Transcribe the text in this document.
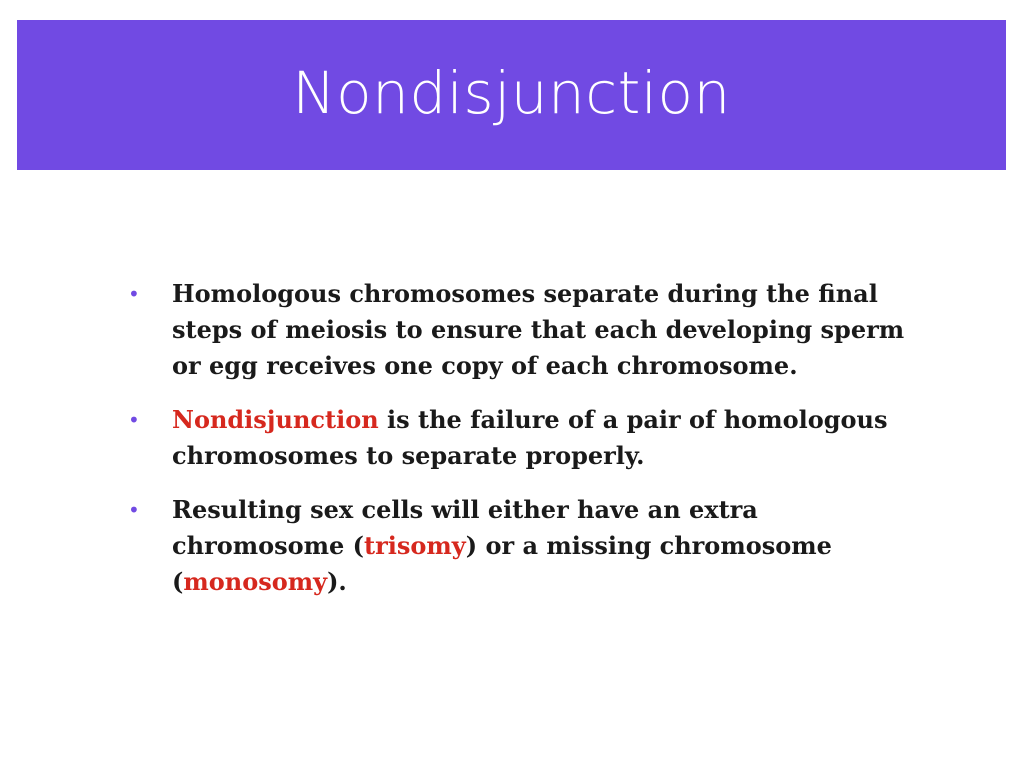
Nondisjunction
• Homologous chromosomes separate during the final steps of meiosis to ensure that each developing sperm or egg receives one copy of each chromosome.
• Nondisjunction is the failure of a pair of homologous chromosomes to separate properly.
• Resulting sex cells will either have an extra chromosome (trisomy) or a missing chromosome (monosomy).
